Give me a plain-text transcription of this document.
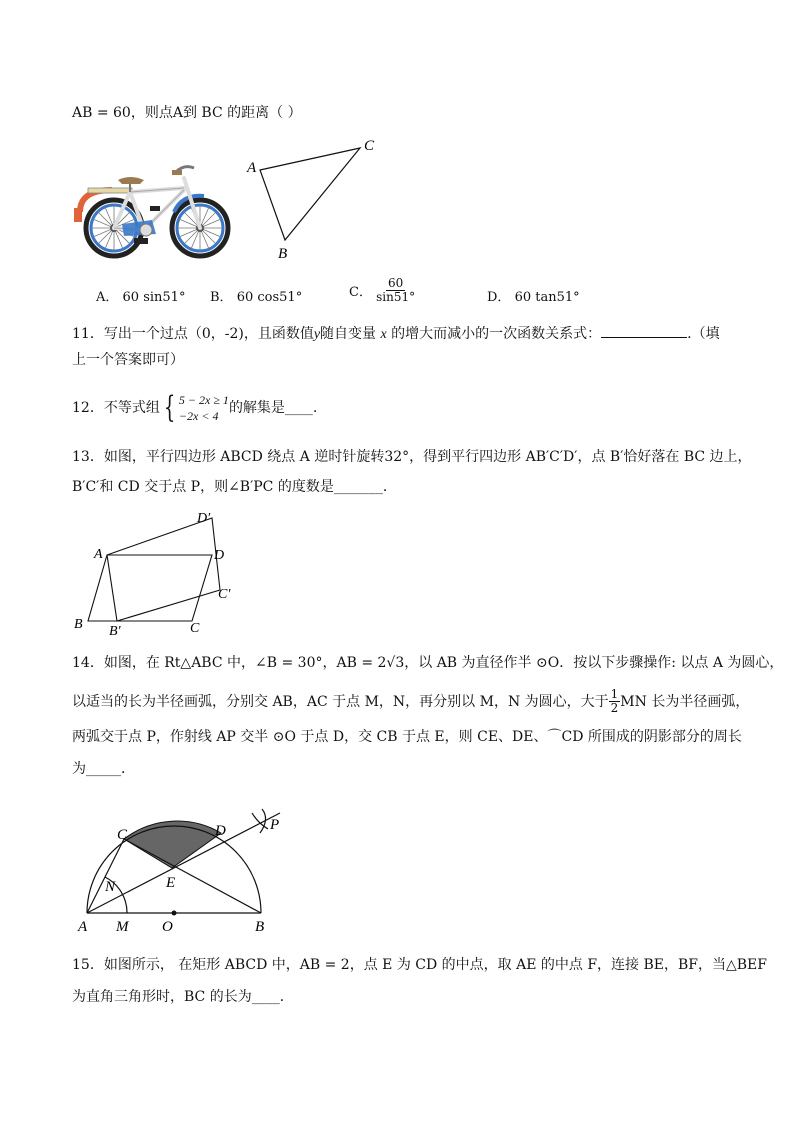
AB = 60，则点A到 BC 的距离（ ）
A
C
B
A． 60 sin51° B． 60 cos51°	C． $\frac{60}{\sin 51^\circ}$	D． 60 tan51°
11．写出一个过点（0，-2)，且函数值y随自变量 x 的增大而减小的一次函数关系式：	.（填
上一个答案即可）
12．不等式组 { 5 − 2x ≥ 1
−2x < 4 的解集是____.
13．如图，平行四边形 ABCD 绕点 A 逆时针旋转32°，得到平行四边形 AB′C′D′，点 B′恰好落在 BC 边上，
B′C′和 CD 交于点 P，则∠B′PC 的度数是_______．
A	D
D′
C′
B B′	C
14．如图，在 Rt△ABC 中，∠B = 30°，AB = 2√3，以 AB 为直径作半 ⊙O．按以下步骤操作: 以点 A 为圆心，
以适当的长为半径画弧，分别交 AB，AC 于点 M，N，再分别以 M，N 为圆心，大于 $\frac{1}{2}$ MN 长为半径画弧，
两弧交于点 P，作射线 AP 交半 ⊙O 于点 D，交 CB 于点 E，则 CE、DE、⌒CD 所围成的阴影部分的周长
为_____．
C	D	P
N	E
A M O	B
15．如图所示， 在矩形 ABCD 中，AB = 2，点 E 为 CD 的中点，取 AE 的中点 F，连接 BE，BF，当△BEF
为直角三角形时，BC 的长为____．
